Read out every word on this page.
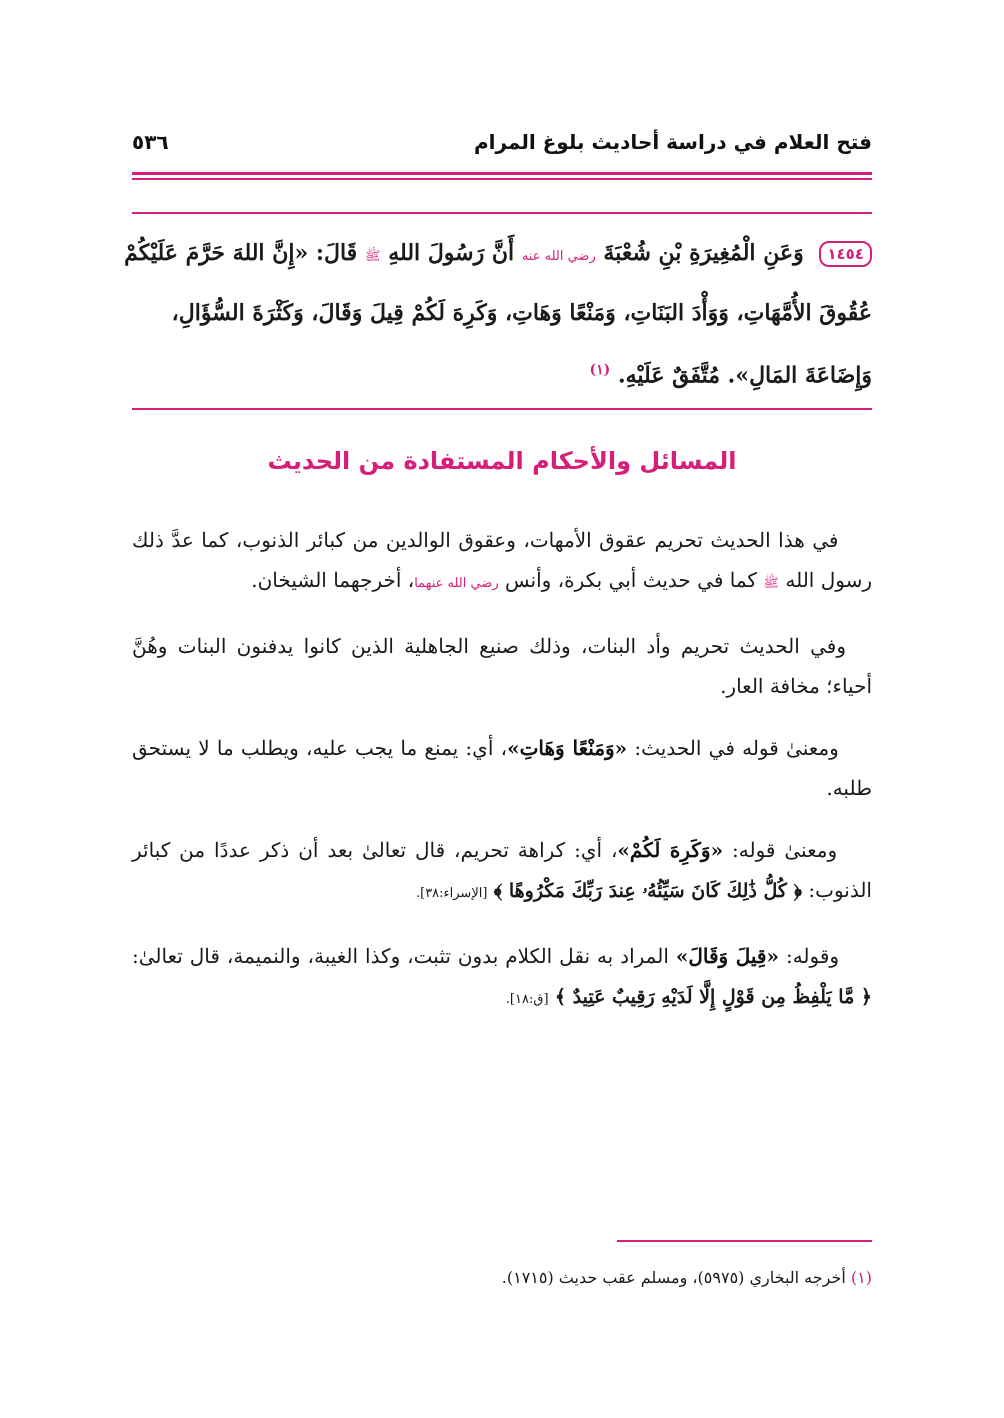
فتح العلام في دراسة أحاديث بلوغ المرام
٥٣٦
١٤٥٤ وَعَنِ الْمُغِيرَةِ بْنِ شُعْبَةَ رضي الله عنه أَنَّ رَسُولَ اللهِ ﷺ قَالَ: «إِنَّ اللهَ حَرَّمَ عَلَيْكُمْ
عُقُوقَ الأُمَّهَاتِ، وَوَأْدَ البَنَاتِ، وَمَنْعًا وَهَاتِ، وَكَرِهَ لَكُمْ قِيلَ وَقَالَ، وَكَثْرَةَ السُّؤَالِ،
وَإِضَاعَةَ المَالِ». مُتَّفَقٌ عَلَيْهِ. $^{(١)}$
المسائل والأحكام المستفادة من الحديث

في هذا الحديث تحريم عقوق الأمهات، وعقوق الوالدين من كبائر الذنوب، كما عدَّ ذلك رسول الله ﷺ كما في حديث أبي بكرة، وأنس رضي الله عنهما، أخرجهما الشيخان.

وفي الحديث تحريم وأد البنات، وذلك صنيع الجاهلية الذين كانوا يدفنون البنات وهُنَّ أحياء؛ مخافة العار.

ومعنىٰ قوله في الحديث: «وَمَنْعًا وَهَاتِ»، أي: يمنع ما يجب عليه، ويطلب ما لا يستحق طلبه.

ومعنىٰ قوله: «وَكَرِهَ لَكُمْ»، أي: كراهة تحريم، قال تعالىٰ بعد أن ذكر عددًا من كبائر الذنوب: ﴿ كُلُّ ذَٰلِكَ كَانَ سَيِّئُهُۥ عِندَ رَبِّكَ مَكْرُوهًا ﴾ [الإسراء:٣٨].

وقوله: «قِيلَ وَقَالَ» المراد به نقل الكلام بدون تثبت، وكذا الغيبة، والنميمة، قال تعالىٰ: ﴿ مَّا يَلْفِظُ مِن قَوْلٍ إِلَّا لَدَيْهِ رَقِيبٌ عَتِيدٌ ﴾ [ق:١٨].

(١) أخرجه البخاري (٥٩٧٥)، ومسلم عقب حديث (١٧١٥).
